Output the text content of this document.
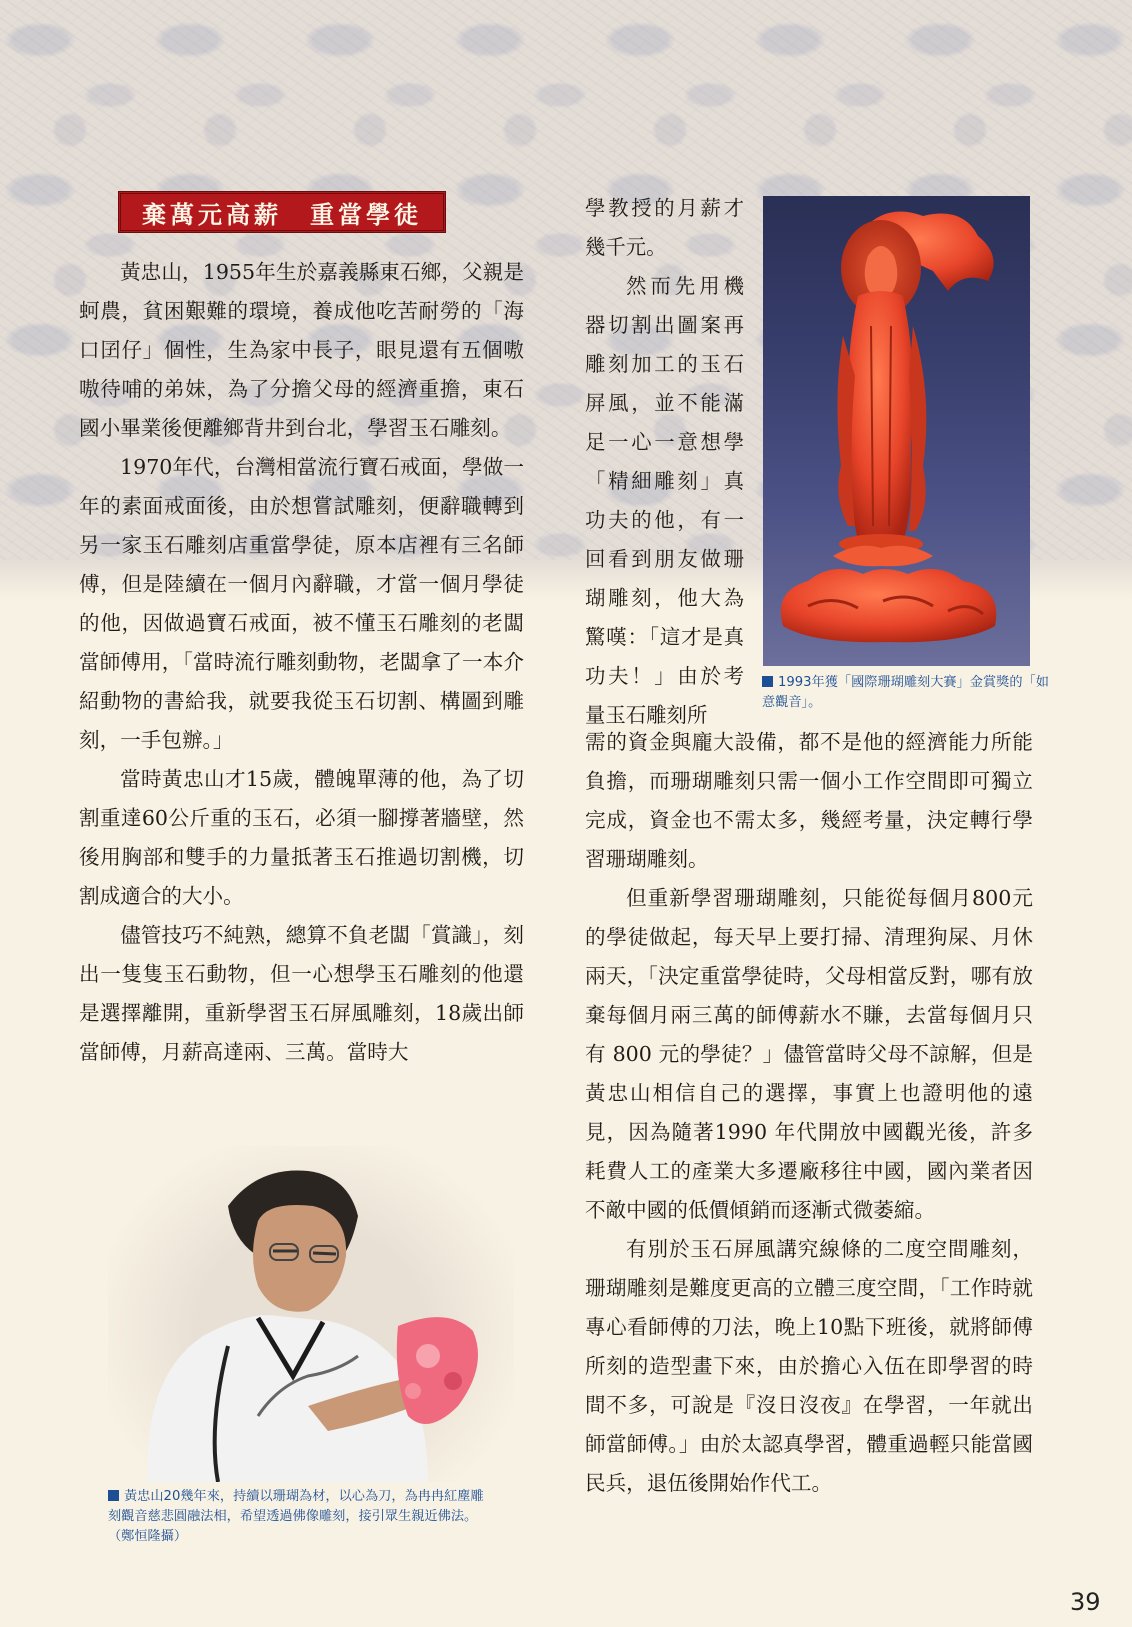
棄萬元高薪　重當學徒

黃忠山，1955年生於嘉義縣東石鄉，父親是蚵農，貧困艱難的環境，養成他吃苦耐勞的「海口囝仔」個性，生為家中長子，眼見還有五個嗷嗷待哺的弟妹，為了分擔父母的經濟重擔，東石國小畢業後便離鄉背井到台北，學習玉石雕刻。

1970年代，台灣相當流行寶石戒面，學做一年的素面戒面後，由於想嘗試雕刻，便辭職轉到另一家玉石雕刻店重當學徒，原本店裡有三名師傅，但是陸續在一個月內辭職，才當一個月學徒的他，因做過寶石戒面，被不懂玉石雕刻的老闆當師傅用，「當時流行雕刻動物，老闆拿了一本介紹動物的書給我，就要我從玉石切割、構圖到雕刻，一手包辦。」

當時黃忠山才15歲，體魄單薄的他，為了切割重達60公斤重的玉石，必須一腳撐著牆壁，然後用胸部和雙手的力量抵著玉石推過切割機，切割成適合的大小。

儘管技巧不純熟，總算不負老闆「賞識」，刻出一隻隻玉石動物，但一心想學玉石雕刻的他還是選擇離開，重新學習玉石屏風雕刻，18歲出師當師傅，月薪高達兩、三萬。當時大

學教授的月薪才幾千元。

然而先用機器切割出圖案再雕刻加工的玉石屏風，並不能滿足一心一意想學「精細雕刻」真功夫的他，有一回看到朋友做珊瑚雕刻，他大為驚嘆：「這才是真功夫！」由於考量玉石雕刻所

1993年獲「國際珊瑚雕刻大賽」金賞獎的「如意觀音」。

需的資金與龐大設備，都不是他的經濟能力所能負擔，而珊瑚雕刻只需一個小工作空間即可獨立完成，資金也不需太多，幾經考量，決定轉行學習珊瑚雕刻。

但重新學習珊瑚雕刻，只能從每個月800元的學徒做起，每天早上要打掃、清理狗屎、月休兩天，「決定重當學徒時，父母相當反對，哪有放棄每個月兩三萬的師傅薪水不賺，去當每個月只有 800 元的學徒？」儘管當時父母不諒解，但是黃忠山相信自己的選擇，事實上也證明他的遠見，因為隨著1990 年代開放中國觀光後，許多耗費人工的產業大多遷廠移往中國，國內業者因不敵中國的低價傾銷而逐漸式微萎縮。

有別於玉石屏風講究線條的二度空間雕刻，珊瑚雕刻是難度更高的立體三度空間，「工作時就專心看師傅的刀法，晚上10點下班後，就將師傅所刻的造型畫下來，由於擔心入伍在即學習的時間不多，可說是『沒日沒夜』在學習，一年就出師當師傅。」由於太認真學習，體重過輕只能當國民兵，退伍後開始作代工。

黃忠山20幾年來，持續以珊瑚為材，以心為刀，為冉冉紅塵雕刻觀音慈悲圓融法相，希望透過佛像雕刻，接引眾生親近佛法。（鄭恒隆攝）
39
